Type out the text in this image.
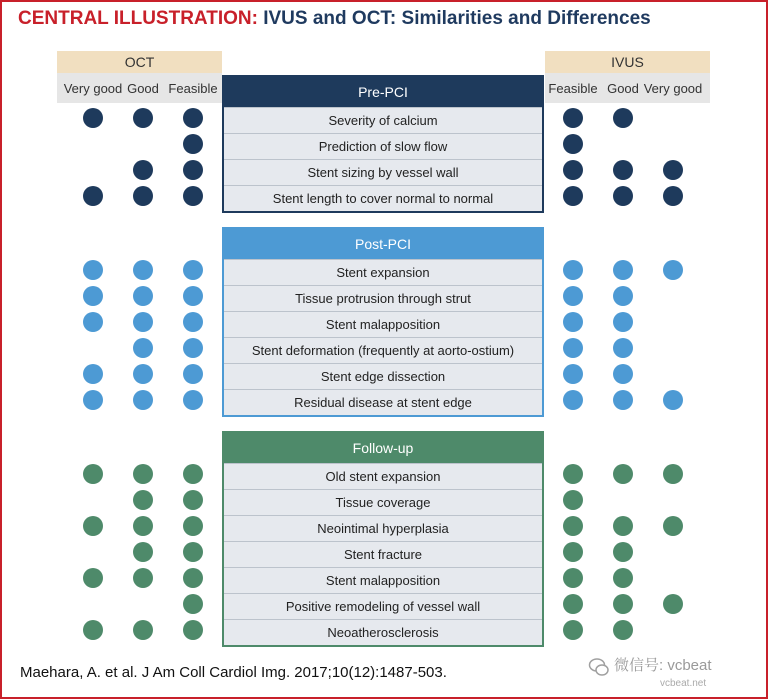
CENTRAL ILLUSTRATION: IVUS and OCT: Similarities and Differences
OCT
Very good Good Feasible
IVUS
Feasible Good Very good
Pre-PCI
Severity of calcium
Prediction of slow flow
Stent sizing by vessel wall
Stent length to cover normal to normal
Post-PCI
Stent expansion
Tissue protrusion through strut
Stent malapposition
Stent deformation (frequently at aorto-ostium)
Stent edge dissection
Residual disease at stent edge
Follow-up
Old stent expansion
Tissue coverage
Neointimal hyperplasia
Stent fracture
Stent malapposition
Positive remodeling of vessel wall
Neoatherosclerosis
Maehara, A. et al. J Am Coll Cardiol Img. 2017;10(12):1487-503.	微信号: vcbeat
vcbeat.net
